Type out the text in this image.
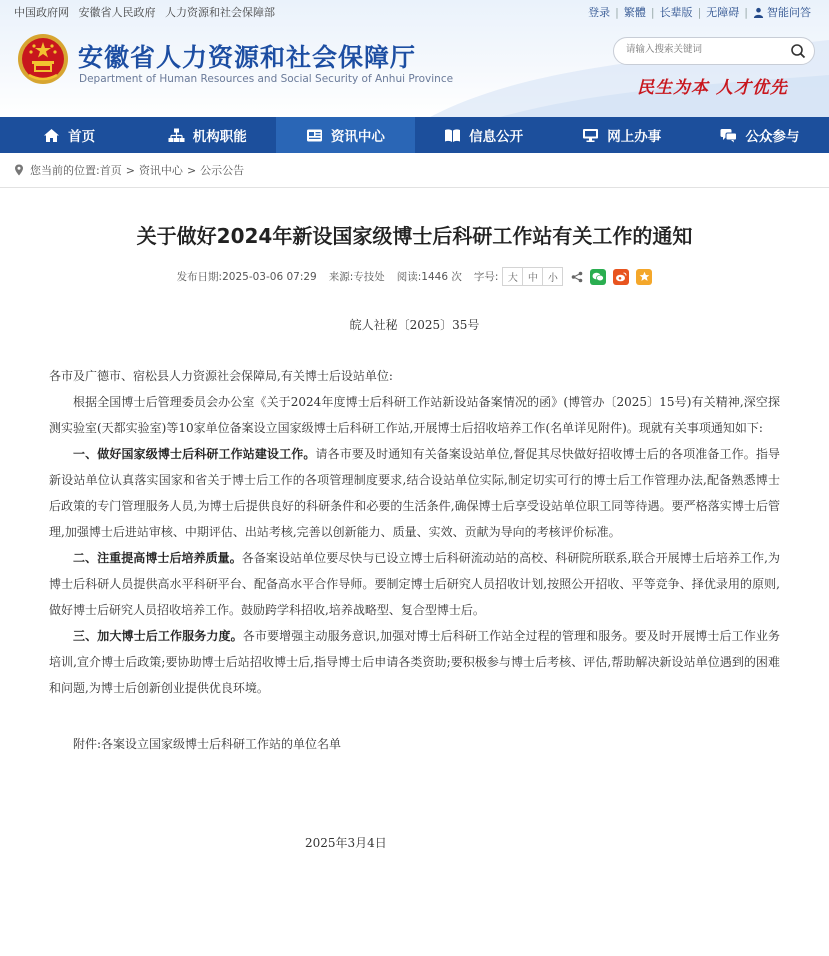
中国政府网 安徽省人民政府 人力资源和社会保障部	登录 | 繁體 | 长辈版 | 无障碍 | 智能问答
安徽省人力资源和社会保障厅
Department of Human Resources and Social Security of Anhui Province
请输入搜索关键词	民生为本 人才优先
首页	机构职能	资讯中心	信息公开	网上办事	公众参与
您当前的位置: 首页 > 资讯中心 > 公示公告
关于做好2024年新设国家级博士后科研工作站有关工作的通知
发布日期:2025-03-06 07:29 来源:专技处 阅读:1446 次 字号: 大	中	小
皖人社秘〔2025〕35号

各市及广德市、宿松县人力资源社会保障局,有关博士后设站单位:

根据全国博士后管理委员会办公室《关于2024年度博士后科研工作站新设站备案情况的函》(博管办〔2025〕15号)有关精神,深空探测实验室(天都实验室)等10家单位备案设立国家级博士后科研工作站,开展博士后招收培养工作(名单详见附件)。现就有关事项通知如下:

一、做好国家级博士后科研工作站建设工作。请各市要及时通知有关备案设站单位,督促其尽快做好招收博士后的各项准备工作。指导新设站单位认真落实国家和省关于博士后工作的各项管理制度要求,结合设站单位实际,制定切实可行的博士后工作管理办法,配备熟悉博士后政策的专门管理服务人员,为博士后提供良好的科研条件和必要的生活条件,确保博士后享受设站单位职工同等待遇。要严格落实博士后管理,加强博士后进站审核、中期评估、出站考核,完善以创新能力、质量、实效、贡献为导向的考核评价标准。

二、注重提高博士后培养质量。各备案设站单位要尽快与已设立博士后科研流动站的高校、科研院所联系,联合开展博士后培养工作,为博士后科研人员提供高水平科研平台、配备高水平合作导师。要制定博士后研究人员招收计划,按照公开招收、平等竞争、择优录用的原则,做好博士后研究人员招收培养工作。鼓励跨学科招收,培养战略型、复合型博士后。

三、加大博士后工作服务力度。各市要增强主动服务意识,加强对博士后科研工作站全过程的管理和服务。要及时开展博士后工作业务培训,宣介博士后政策;要协助博士后站招收博士后,指导博士后申请各类资助;要积极参与博士后考核、评估,帮助解决新设站单位遇到的困难和问题,为博士后创新创业提供优良环境。

附件:各案设立国家级博士后科研工作站的单位名单
2025年3月4日
